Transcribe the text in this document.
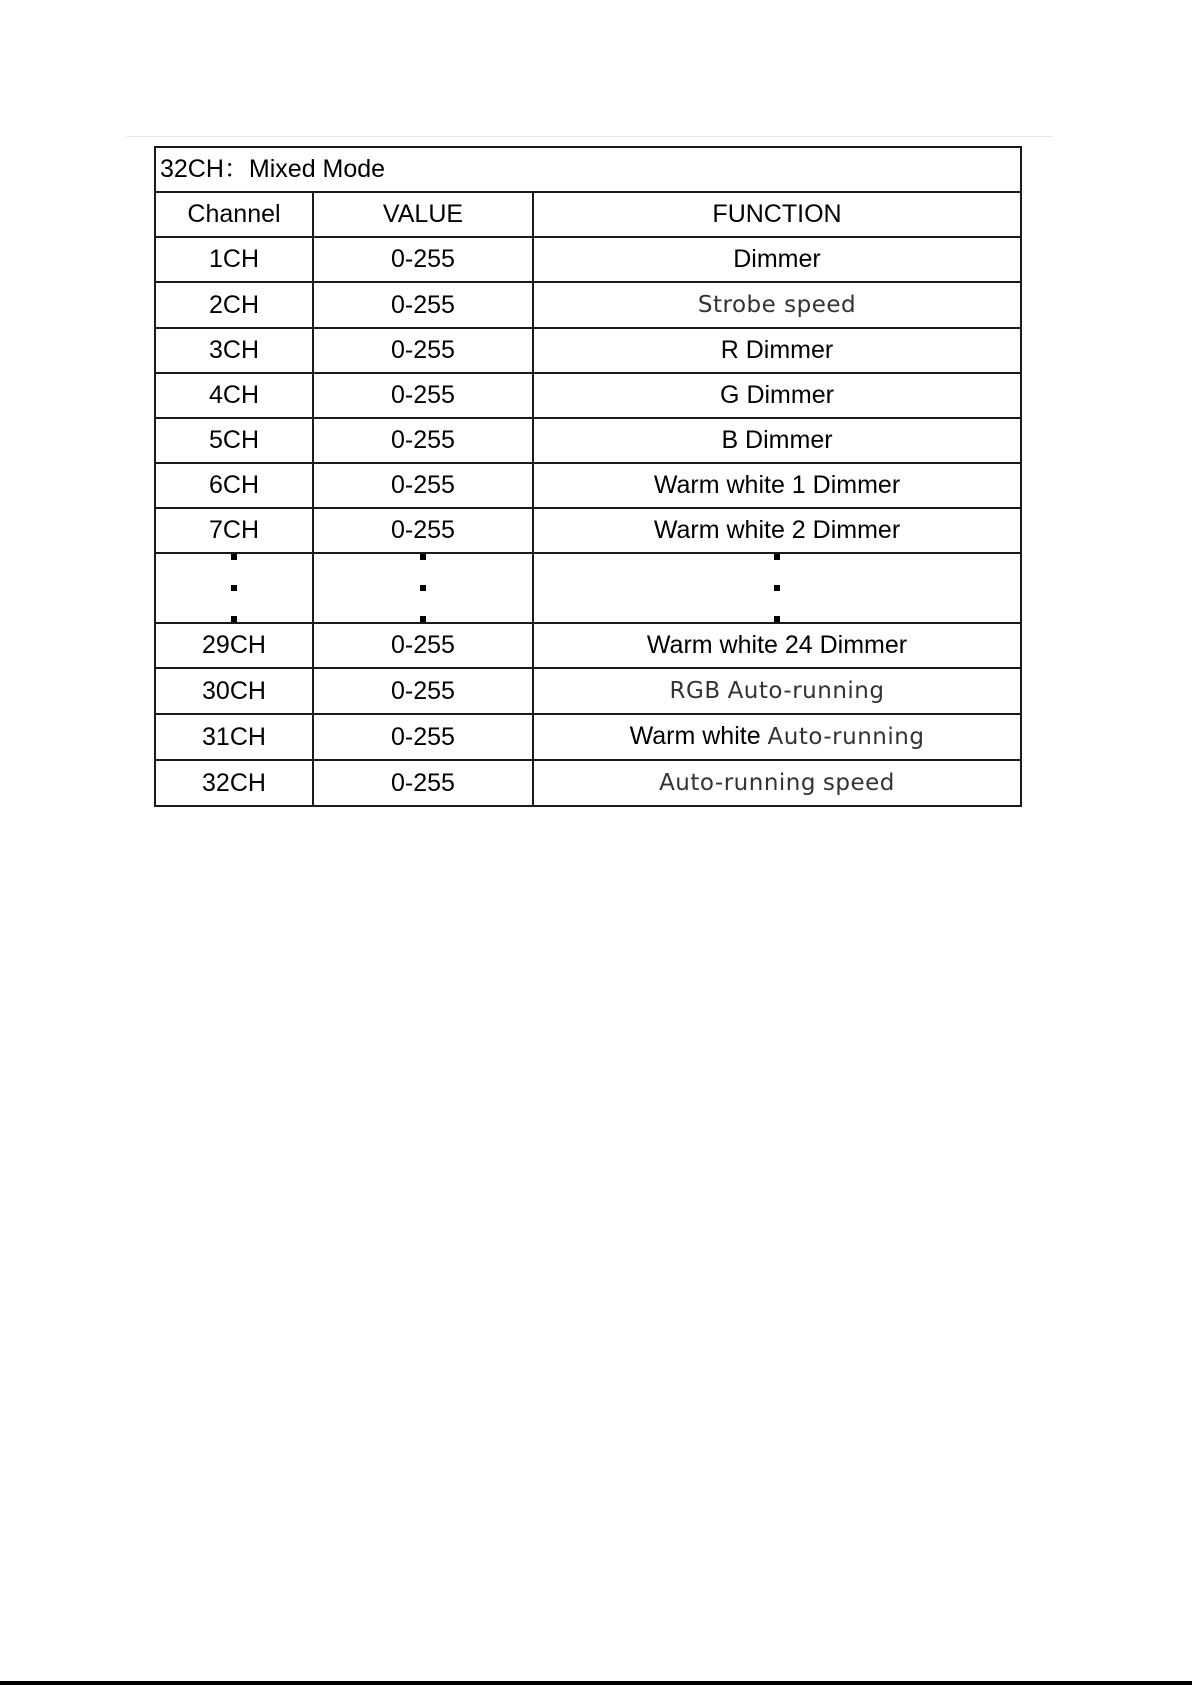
32CH：Mixed Mode		
Channel	VALUE	FUNCTION
1CH	0-255	Dimmer
2CH	0-255	Strobe speed
3CH	0-255	R Dimmer
4CH	0-255	G Dimmer
5CH	0-255	B Dimmer
6CH	0-255	Warm white 1 Dimmer
7CH	0-255	Warm white 2 Dimmer

29CH	0-255	Warm white 24 Dimmer
30CH	0-255	RGB Auto-running
31CH	0-255	Warm white Auto-running
32CH	0-255	Auto-running speed
